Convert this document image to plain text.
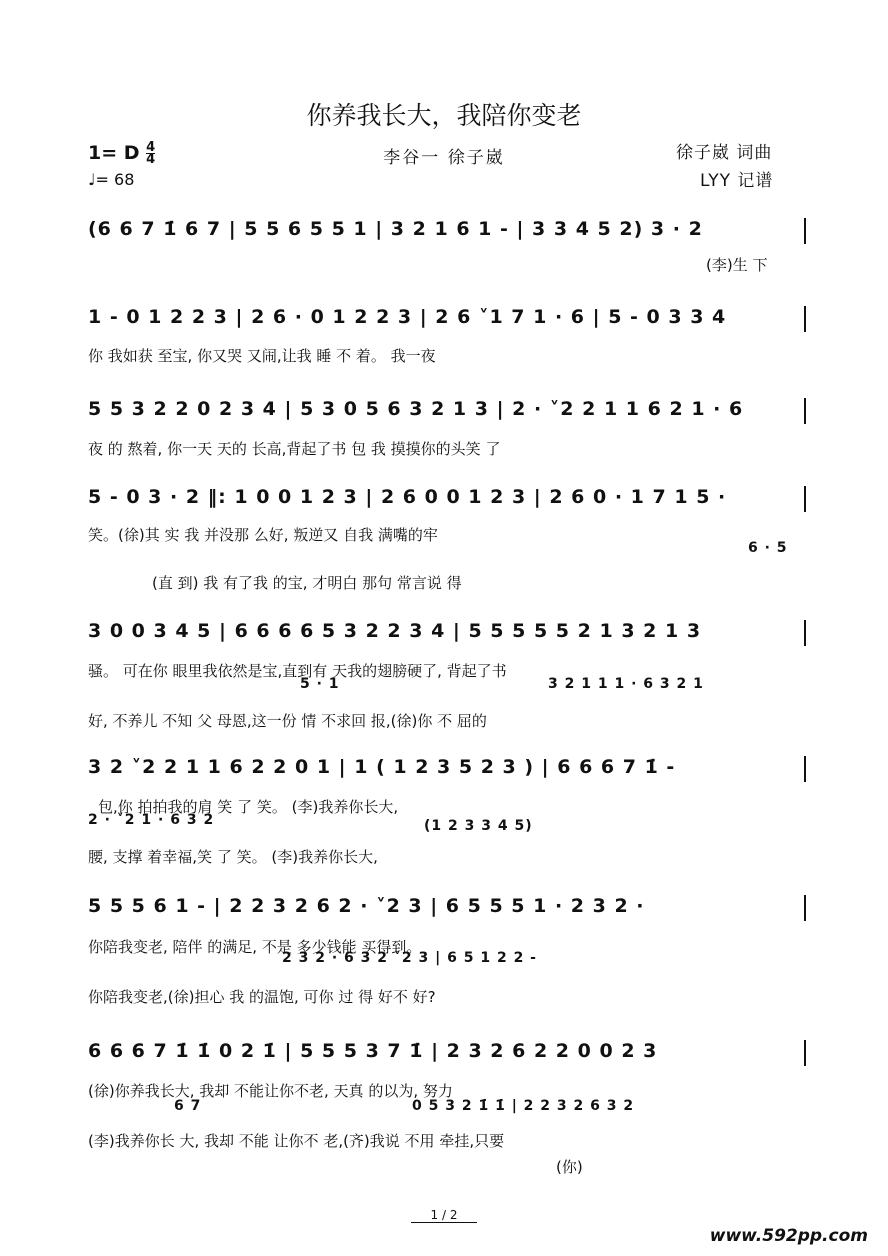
你养我长大，我陪你变老
李谷一 徐子崴	徐子崴 词曲
LYY 记谱
1= D $\frac{4}{4}$
♩= 68
(6 6 7 1̇ 6 7 | 5 5 6 5 5 1 | 3 2 1 6 1 - | 3 3 4 5 2) 3 · 2
1 - 0 1 2 2 3 | 2 6 · 0 1 2 2 3 | 2 6 ˅1 7 1 · 6 | 5 - 0 3 3 4
5 5 3 2 2 0 2 3 4 | 5 3 0 5 6 3 2 1 3 | 2 · ˅2 2 1 1 6 2 1 · 6
5 - 0 3 · 2 ‖: 1 0 0 1 2 3 | 2 6 0 0 1 2 3 | 2 6 0 · 1 7 1 5 ·
3 0 0 3 4 5 | 6 6 6 6 5 3 2 2 3 4 | 5 5 5 5 5 2 1 3 2 1 3
3 2 ˅2 2 1 1 6 2 2 0 1 | 1 ( 1 2 3 5 2 3 ) | 6 6 6 7 1̇ -
5 5 5 6 1 - | 2 2 3 2 6 2 · ˅2 3 | 6 5 5 5 1 · 2 3 2 ·
6 6 6 7 1̇ 1̇ 0 2 1̇ | 5 5 5 3 7 1̇ | 2 3 2 6 2 2 0 0 2 3
6 · 5
5 · 1	3 2 1 1 1 · 6 3 2 1
2 · ˅2 1 · 6 3 2	(1 2 3 3 4 5)
2 3 2 · 6 3 2 ˅2 3 | 6 5 1 2 2 -
6 7	0 5 3 2 1̇ 1̇ | 2 2 3 2 6 3 2
(李)生 下
你 我如获 至宝, 你又哭 又闹,让我 睡 不 着。 我一夜
夜 的 熬着, 你一天 天的 长高,背起了书 包 我 摸摸你的头笑 了
笑。(徐)其 实 我 并没那 么好, 叛逆又 自我 满嘴的牢
(直 到) 我 有了我 的宝, 才明白 那句 常言说 得
骚。 可在你 眼里我依然是宝,直到有 天我的翅膀硬了, 背起了书
好, 不养儿 不知 父 母恩,这一份 情 不求回 报,(徐)你 不 屈的
包,你 拍拍我的肩 笑 了 笑。 (李)我养你长大,
腰, 支撑 着幸福,笑 了 笑。 (李)我养你长大,
你陪我变老, 陪伴 的满足, 不是 多少钱能 买得到。
你陪我变老,(徐)担心 我 的温饱, 可你 过 得 好不 好?
(徐)你养我长大, 我却 不能让你不老, 天真 的以为, 努力
(李)我养你长 大, 我却 不能 让你不 老,(齐)我说 不用 牵挂,只要
(你)
1 / 2
www.592pp.com
